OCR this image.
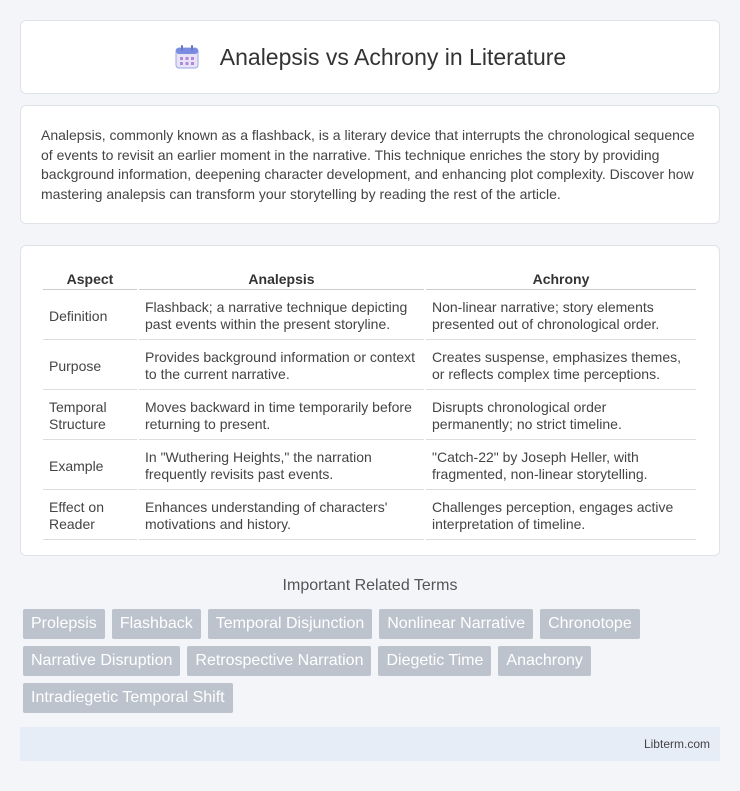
Analepsis vs Achrony in Literature

Analepsis, commonly known as a flashback, is a literary device that interrupts the chronological sequence of events to revisit an earlier moment in the narrative. This technique enriches the story by providing background information, deepening character development, and enhancing plot complexity. Discover how mastering analepsis can transform your storytelling by reading the rest of the article.

Aspect	Analepsis	Achrony
Definition	Flashback; a narrative technique depicting past events within the present storyline.	Non-linear narrative; story elements presented out of chronological order.
Purpose	Provides background information or context to the current narrative.	Creates suspense, emphasizes themes, or reflects complex time perceptions.
Temporal Structure	Moves backward in time temporarily before returning to present.	Disrupts chronological order permanently; no strict timeline.
Example	In "Wuthering Heights," the narration frequently revisits past events.	"Catch-22" by Joseph Heller, with fragmented, non-linear storytelling.
Effect on Reader	Enhances understanding of characters' motivations and history.	Challenges perception, engages active interpretation of timeline.
Important Related Terms
Prolepsis	Flashback	Temporal Disjunction	Nonlinear Narrative	Chronotope
Narrative Disruption	Retrospective Narration	Diegetic Time	Anachrony
Intradiegetic Temporal Shift
Libterm.com
